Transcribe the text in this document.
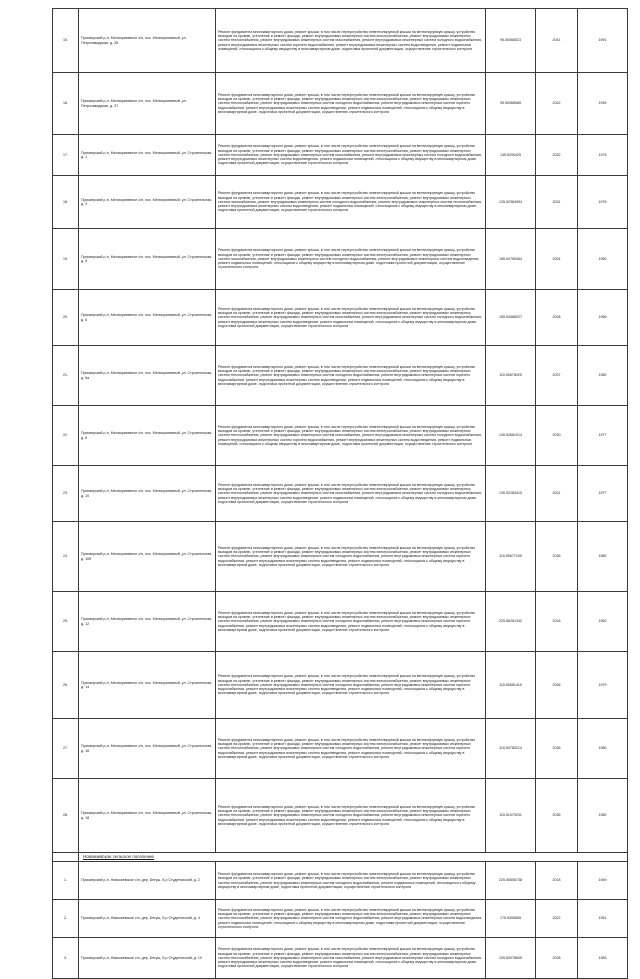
15.	Приозерский р-н, Мелиоративное с/п, пос. Мелиоративный, ул. Петрозаводская, д. 35	Ремонт фундамента многоквартирного дома, ремонт крыши, в том числе переустройство невентилируемой крыши на вентилируемую крышу, устройство выходов на кровлю, утепление и ремонт фасада, ремонт внутридомовых инженерных систем электроснабжения, ремонт внутридомовых инженерных систем теплоснабжения, ремонт внутридомовых инженерных систем газоснабжения, ремонт внутридомовых инженерных систем холодного водоснабжения, ремонт внутридомовых инженерных систем горячего водоснабжения, ремонт внутридомовых инженерных систем водоотведения, ремонт подвальных помещений, относящихся к общему имуществу в многоквартирном доме, подготовка проектной документации, осуществление строительного контроля	95.50068523	2041	1991
16.	Приозерский р-н, Мелиоративное с/п, пос. Мелиоративный, ул. Петрозаводская, д. 37	Ремонт фундамента многоквартирного дома, ремонт крыши, в том числе переустройство невентилируемой крыши на вентилируемую крышу, устройство выходов на кровлю, утепление и ремонт фасада, ремонт внутридомовых инженерных систем электроснабжения, ремонт внутридомовых инженерных систем теплоснабжения, ремонт внутридомовых инженерных систем холодного водоснабжения, ремонт внутридомовых инженерных систем горячего водоснабжения, ремонт внутридомовых инженерных систем водоотведения, ремонт подвальных помещений, относящихся к общему имуществу в многоквартирном доме, подготовка проектной документации, осуществление строительного контроля	95.50068585	2042	1994
17.	Приозерский р-н, Мелиоративное с/п, пос. Мелиоративный, ул. Строительная, д. 1	Ремонт фундамента многоквартирного дома, ремонт крыши, в том числе переустройство невентилируемой крыши на вентилируемую крышу, устройство выходов на кровлю, утепление и ремонт фасада, ремонт внутридомовых инженерных систем электроснабжения, ремонт внутридомовых инженерных систем теплоснабжения, ремонт внутридомовых инженерных систем газоснабжения, ремонт внутридомовых инженерных систем холодного водоснабжения, ремонт внутридомовых инженерных систем водоотведения, ремонт подвальных помещений, относящихся к общему имуществу в многоквартирном доме, подготовка проектной документации, осуществление строительного контроля	135.5299425	2032	1975
18.	Приозерский р-н, Мелиоративное с/п, пос. Мелиоративный, ул. Строительная, д. 3	Ремонт фундамента многоквартирного дома, ремонт крыши, в том числе переустройство невентилируемой крыши на вентилируемую крышу, устройство выходов на кровлю, утепление и ремонт фасада, ремонт внутридомовых инженерных систем электроснабжения, ремонт внутридомовых инженерных систем газоснабжения, ремонт внутридомовых инженерных систем холодного водоснабжения, ремонт внутридомовых инженерных систем теплоснабжения, ремонт внутридомовых инженерных систем водоотведения, ремонт подвальных помещений, относящихся к общему имуществу в многоквартирном доме, подготовка проектной документации, осуществление строительного контроля	135.52384994	2031	1976
19.	Приозерский р-н, Мелиоративное с/п, пос. Мелиоративный, ул. Строительная, д. 5	Ремонт фундамента многоквартирного дома, ремонт крыши, в том числе переустройство невентилируемой крыши на вентилируемую крышу, устройство выходов на кровлю, утепление и ремонт фасада, ремонт внутридомовых инженерных систем электроснабжения, ремонт внутридомовых инженерных систем газоснабжения, ремонт внутридомовых инженерных систем холодного водоснабжения, ремонт внутридомовых инженерных систем водоотведения, ремонт подвальных помещений, относящихся к общему имуществу в многоквартирном доме, подготовка проектной документации, осуществление строительного контроля	155.54755464	2024	1950
20.	Приозерский р-н, Мелиоративное с/п, пос. Мелиоративный, ул. Строительная, д. 6	Ремонт фундамента многоквартирного дома, ремонт крыши, в том числе переустройство невентилируемой крыши на вентилируемую крышу, устройство выходов на кровлю, утепление и ремонт фасада, ремонт внутридомовых инженерных систем электроснабжения, ремонт внутридомовых инженерных систем теплоснабжения, ремонт внутридомовых инженерных систем газоснабжения, ремонт внутридомовых инженерных систем холодного водоснабжения, ремонт внутридомовых инженерных систем водоотведения, ремонт подвальных помещений, относящихся к общему имуществу в многоквартирном доме, подготовка проектной документации, осуществление строительного контроля	155.53488027	2028	1956
21.	Приозерский р-н, Мелиоративное с/п, пос. Мелиоративный, ул. Строительная, д. 6а	Ремонт фундамента многоквартирного дома, ремонт крыши, в том числе переустройство невентилируемой крыши на вентилируемую крышу, устройство выходов на кровлю, утепление и ремонт фасада, ремонт внутридомовых инженерных систем электроснабжения, ремонт внутридомовых инженерных систем теплоснабжения, ремонт внутридомовых инженерных систем холодного водоснабжения, ремонт внутридомовых инженерных систем горячего водоснабжения, ремонт внутридомовых инженерных систем водоотведения, ремонт подвальных помещений, относящихся к общему имуществу в многоквартирном доме, подготовка проектной документации, осуществление строительного контроля	115.50678025	2037	1982
22.	Приозерский р-н, Мелиоративное с/п, пос. Мелиоративный, ул. Строительная, д. 8	Ремонт фундамента многоквартирного дома, ремонт крыши, в том числе переустройство невентилируемой крыши на вентилируемую крышу, устройство выходов на кровлю, утепление и ремонт фасада, ремонт внутридомовых инженерных систем электроснабжения, ремонт внутридомовых инженерных систем теплоснабжения, ремонт внутридомовых инженерных систем газоснабжения, ремонт внутридомовых инженерных систем холодного водоснабжения, ремонт внутридомовых инженерных систем горячего водоснабжения, ремонт внутридомовых инженерных систем водоотведения, ремонт подвальных помещений, относящихся к общему имуществу в многоквартирном доме, подготовка проектной документации, осуществление строительного контроля	135.52681014	2030	1977
23.	Приозерский р-н, Мелиоративное с/п, пос. Мелиоративный, ул. Строительная, д. 10	Ремонт фундамента многоквартирного дома, ремонт крыши, в том числе переустройство невентилируемой крыши на вентилируемую крышу, устройство выходов на кровлю, утепление и ремонт фасада, ремонт внутридомовых инженерных систем электроснабжения, ремонт внутридомовых инженерных систем теплоснабжения, ремонт внутридомовых инженерных систем газоснабжения, ремонт внутридомовых инженерных систем холодного водоснабжения, ремонт внутридомовых инженерных систем водоотведения, ремонт подвальных помещений, относящихся к общему имуществу в многоквартирном доме, подготовка проектной документации, осуществление строительного контроля	135.52283415	2031	1977
24.	Приозерский р-н, Мелиоративное с/п, пос. Мелиоративный, ул. Строительная, д. 10б	Ремонт фундамента многоквартирного дома, ремонт крыши, в том числе переустройство невентилируемой крыши на вентилируемую крышу, устройство выходов на кровлю, утепление и ремонт фасада, ремонт внутридомовых инженерных систем электроснабжения, ремонт внутридомовых инженерных систем теплоснабжения, ремонт внутридомовых инженерных систем холодного водоснабжения, ремонт внутридомовых инженерных систем горячего водоснабжения, ремонт внутридомовых инженерных систем водоотведения, ремонт подвальных помещений, относящихся к общему имуществу в многоквартирном доме, подготовка проектной документации, осуществление строительного контроля	115.50677159	2036	1982
25.	Приозерский р-н, Мелиоративное с/п, пос. Мелиоративный, ул. Строительная, д. 12	Ремонт фундамента многоквартирного дома, ремонт крыши, в том числе переустройство невентилируемой крыши на вентилируемую крышу, устройство выходов на кровлю, утепление и ремонт фасада, ремонт внутридомовых инженерных систем электроснабжения, ремонт внутридомовых инженерных систем теплоснабжения, ремонт внутридомовых инженерных систем холодного водоснабжения, ремонт внутридомовых инженерных систем горячего водоснабжения, ремонт внутридомовых инженерных систем водоотведения, ремонт подвальных помещений, относящихся к общему имуществу в многоквартирном доме, подготовка проектной документации, осуществление строительного контроля	225.56281342	2018	1962
26.	Приозерский р-н, Мелиоративное с/п, пос. Мелиоративный, ул. Строительная, д. 14	Ремонт фундамента многоквартирного дома, ремонт крыши, в том числе переустройство невентилируемой крыши на вентилируемую крышу, устройство выходов на кровлю, утепление и ремонт фасада, ремонт внутридомовых инженерных систем электроснабжения, ремонт внутридомовых инженерных систем теплоснабжения, ремонт внутридомовых инженерных систем холодного водоснабжения, ремонт внутридомовых инженерных систем горячего водоснабжения, ремонт внутридомовых инженерных систем водоотведения, ремонт подвальных помещений, относящихся к общему имуществу в многоквартирном доме, подготовка проектной документации, осуществление строительного контроля	115.50681419	2036	1979
27.	Приозерский р-н, Мелиоративное с/п, пос. Мелиоративный, ул. Строительная, д. 16	Ремонт фундамента многоквартирного дома, ремонт крыши, в том числе переустройство невентилируемой крыши на вентилируемую крышу, устройство выходов на кровлю, утепление и ремонт фасада, ремонт внутридомовых инженерных систем электроснабжения, ремонт внутридомовых инженерных систем теплоснабжения, ремонт внутридомовых инженерных систем холодного водоснабжения, ремонт внутридомовых инженерных систем горячего водоснабжения, ремонт внутридомовых инженерных систем водоотведения, ремонт подвальных помещений, относящихся к общему имуществу в многоквартирном доме, подготовка проектной документации, осуществление строительного контроля	115.50780214	2036	1980
28.	Приозерский р-н, Мелиоративное с/п, пос. Мелиоративный, ул. Строительная, д. 18	Ремонт фундамента многоквартирного дома, ремонт крыши, в том числе переустройство невентилируемой крыши на вентилируемую крышу, устройство выходов на кровлю, утепление и ремонт фасада, ремонт внутридомовых инженерных систем электроснабжения, ремонт внутридомовых инженерных систем теплоснабжения, ремонт внутридомовых инженерных систем холодного водоснабжения, ремонт внутридомовых инженерных систем горячего водоснабжения, ремонт внутридомовых инженерных систем водоотведения, ремонт подвальных помещений, относящихся к общему имуществу в многоквартирном доме, подготовка проектной документации, осуществление строительного контроля	115.51079231	2036	1982
	Новокиевское сельское поселение				
1.	Приозерский р-н, Новокиевское с/п, дер. Бегуш, б-р Студенческий, д. 2	Ремонт фундамента многоквартирного дома, ремонт крыши, в том числе переустройство невентилируемой крыши на вентилируемую крышу, устройство выходов на кровлю, утепление и ремонт фасада, ремонт внутридомовых инженерных систем электроснабжения, ремонт внутридомовых инженерных систем теплоснабжения, ремонт внутридомовых инженерных систем холодного водоснабжения, ремонт подвальных помещений, относящихся к общему имуществу в многоквартирном доме, подготовка проектной документации, осуществление строительного контроля	225.56506738	2018	1949
2.	Приозерский р-н, Новокиевское с/п, дер. Бегуш, б-р Студенческий, д. 4	Ремонт фундамента многоквартирного дома, ремонт крыши, в том числе переустройство невентилируемой крыши на вентилируемую крышу, устройство выходов на кровлю, утепление и ремонт фасада, ремонт внутридомовых инженерных систем электроснабжения, ремонт внутридомовых инженерных систем теплоснабжения, ремонт внутридомовых инженерных систем холодного водоснабжения, ремонт внутридомовых инженерных систем водоотведения, ремонт подвальных помещений, относящихся к общему имуществу в многоквартирном доме, подготовка проектной документации, осуществление строительного контроля	175.5455665	2022	1951
3.	Приозерский р-н, Новокиевское с/п, дер. Бегуш, б-р Студенческий, д. 10	Ремонт фундамента многоквартирного дома, ремонт крыши, в том числе переустройство невентилируемой крыши на вентилируемую крышу, устройство выходов на кровлю, утепление и ремонт фасада, ремонт внутридомовых инженерных систем электроснабжения, ремонт внутридомовых инженерных систем теплоснабжения, ремонт внутридомовых инженерных систем газоснабжения, ремонт внутридомовых инженерных систем холодного водоснабжения, ремонт внутридомовых инженерных систем водоотведения, ремонт подвальных помещений, относящихся к общему имуществу в многоквартирном доме, подготовка проектной документации, осуществление строительного контроля	105.50078605	2038	1983
